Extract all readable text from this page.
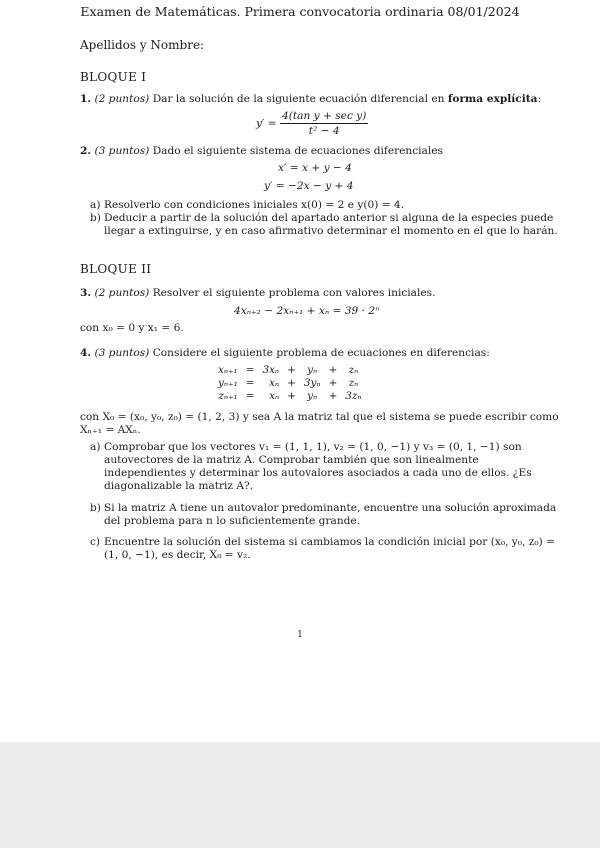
Examen de Matemáticas. Primera convocatoria ordinaria 08/01/2024
Apellidos y Nombre:
BLOQUE I
1. (2 puntos) Dar la solución de la siguiente ecuación diferencial en forma explícita:
$y' = \frac{\text{4(tan y + sec y)}}{\text{t² − 4}}$
2. (3 puntos) Dado el siguiente sistema de ecuaciones diferenciales
x′ = x + y − 4
y′ = −2x − y + 4
a) Resolverlo con condiciones iniciales x(0) = 2 e y(0) = 4.
b) Deducir a partir de la solución del apartado anterior si alguna de la especies puede llegar a extinguirse, y en caso afirmativo determinar el momento en el que lo harán.
BLOQUE II
3. (2 puntos) Resolver el siguiente problema con valores iniciales.
4xₙ₊₂ − 2xₙ₊₁ + xₙ = 39 · 2ⁿ
con x₀ = 0 y x₁ = 6.
4. (3 puntos) Considere el siguiente problema de ecuaciones en diferencias:
xₙ₊₁	=	3xₙ	+	yₙ	+	zₙ
yₙ₊₁	=	xₙ	+	3yₙ	+	zₙ
zₙ₊₁	=	xₙ	+	yₙ	+	3zₙ
con X₀ = (x₀, y₀, z₀) = (1, 2, 3) y sea A la matriz tal que el sistema se puede escribir como
Xₙ₊₁ = AXₙ.
a) Comprobar que los vectores v₁ = (1, 1, 1), v₂ = (1, 0, −1) y v₃ = (0, 1, −1) son autovectores de la matriz A. Comprobar también que son linealmente independientes y determinar los autovalores asociados a cada uno de ellos. ¿Es diagonalizable la matriz A?.
b) Si la matriz A tiene un autovalor predominante, encuentre una solución aproximada del problema para n lo suficientemente grande.
c) Encuentre la solución del sistema si cambiamos la condición inicial por (x₀, y₀, z₀) = (1, 0, −1), es decir, X₀ = v₂.
1
